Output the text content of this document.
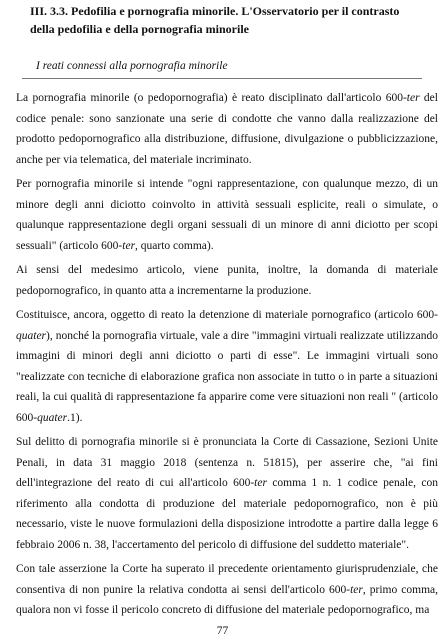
III. 3.3. Pedofilia e pornografia minorile. L'Osservatorio per il contrasto della pedofilia e della pornografia minorile
I reati connessi alla pornografia minorile

La pornografia minorile (o pedopornografia) è reato disciplinato dall'articolo 600-ter del codice penale: sono sanzionate una serie di condotte che vanno dalla realizzazione del prodotto pedopornografico alla distribuzione, diffusione, divulgazione o pubblicizzazione, anche per via telematica, del materiale incriminato.

Per pornografia minorile si intende "ogni rappresentazione, con qualunque mezzo, di un minore degli anni diciotto coinvolto in attività sessuali esplicite, reali o simulate, o qualunque rappresentazione degli organi sessuali di un minore di anni diciotto per scopi sessuali" (articolo 600-ter, quarto comma).

Ai sensi del medesimo articolo, viene punita, inoltre, la domanda di materiale pedopornografico, in quanto atta a incrementarne la produzione.

Costituisce, ancora, oggetto di reato la detenzione di materiale pornografico (articolo 600-quater), nonché la pornografia virtuale, vale a dire "immagini virtuali realizzate utilizzando immagini di minori degli anni diciotto o parti di esse". Le immagini virtuali sono "realizzate con tecniche di elaborazione grafica non associate in tutto o in parte a situazioni reali, la cui qualità di rappresentazione fa apparire come vere situazioni non reali " (articolo 600-quater.1).

Sul delitto di pornografia minorile si è pronunciata la Corte di Cassazione, Sezioni Unite Penali, in data 31 maggio 2018 (sentenza n. 51815), per asserire che, "ai fini dell'integrazione del reato di cui all'articolo 600-ter comma 1 n. 1 codice penale, con riferimento alla condotta di produzione del materiale pedopornografico, non è più necessario, viste le nuove formulazioni della disposizione introdotte a partire dalla legge 6 febbraio 2006 n. 38, l'accertamento del pericolo di diffusione del suddetto materiale".

Con tale asserzione la Corte ha superato il precedente orientamento giurisprudenziale, che consentiva di non punire la relativa condotta ai sensi dell'articolo 600-ter, primo comma, qualora non vi fosse il pericolo concreto di diffusione del materiale pedopornografico, ma

77
